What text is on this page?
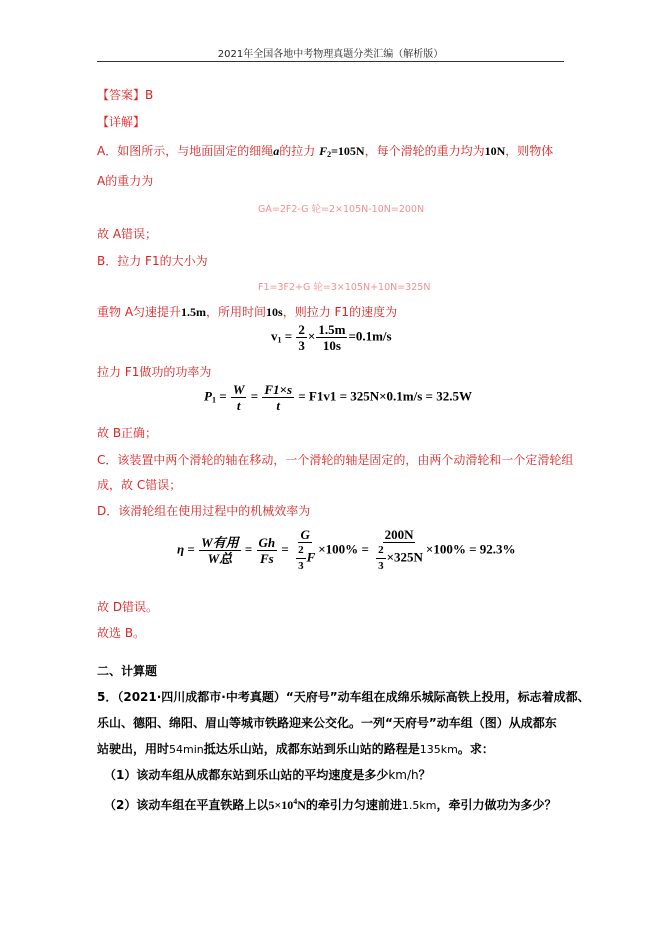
2021年全国各地中考物理真题分类汇编（解析版）
【答案】B
【详解】
A．如图所示，与地面固定的细绳a的拉力 $F_2=105N$，每个滑轮的重力均为10N，则物体
A的重力为
GA=2F2-G 轮=2×105N-10N=200N
故 A错误；
B．拉力 F1的大小为
F1=3F2+G 轮=3×105N+10N=325N
重物 A匀速提升1.5m，所用时间10s，则拉力 F1的速度为
$v_1 = \frac{2}{3} \times \frac{1.5m}{10s} =0.1m/s$
拉力 F1做功的功率为
$P_1 = \frac{W}{t} = \frac{F1\times s}{t} = F1v1 = 325N\times 0.1m/s = 32.5W$
故 B正确；
C．该装置中两个滑轮的轴在移动，一个滑轮的轴是固定的，由两个动滑轮和一个定滑轮组
成，故 C错误；
D．该滑轮组在使用过程中的机械效率为
$\eta = \frac{\text{W有用}}{\text{W总}} = \frac{Gh}{Fs} = \frac{G}{\frac{2}{3} F} \times 100\% = \frac{200N}{\frac{2}{3} \times 325N} \times 100\% = 92.3\%$
故 D错误。
故选 B。
二、计算题
5．（2021·四川成都市·中考真题）“天府号”动车组在成绵乐城际高铁上投用，标志着成都、
乐山、德阳、绵阳、眉山等城市铁路迎来公交化。一列“天府号”动车组（图）从成都东
站驶出，用时54min抵达乐山站，成都东站到乐山站的路程是135km。求：
（1）该动车组从成都东站到乐山站的平均速度是多少km/h？
（2）该动车组在平直铁路上以$5\times 10^4N$的牵引力匀速前进1.5km，牵引力做功为多少？
